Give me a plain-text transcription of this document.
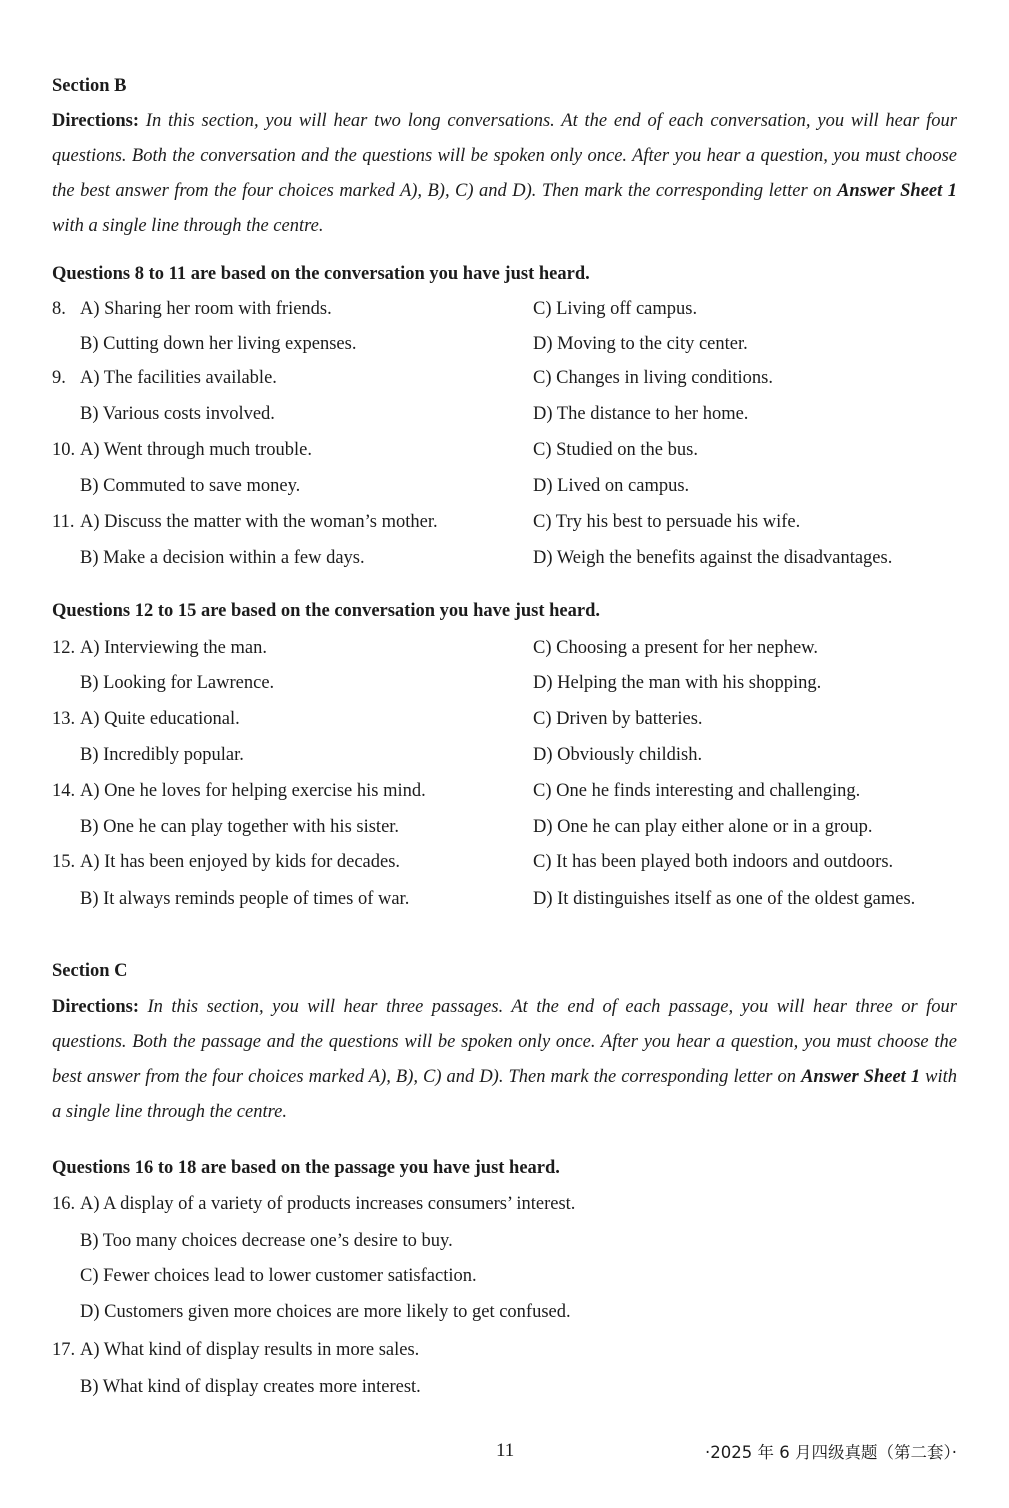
Section B
Directions: In this section, you will hear two long conversations. At the end of each conversation, you will hear four questions. Both the conversation and the questions will be spoken only once. After you hear a question, you must choose the best answer from the four choices marked A), B), C) and D). Then mark the corresponding letter on Answer Sheet 1 with a single line through the centre.
Questions 8 to 11 are based on the conversation you have just heard.
8. A) Sharing her room with friends.	C) Living off campus.
B) Cutting down her living expenses.	D) Moving to the city center.
9. A) The facilities available.	C) Changes in living conditions.
B) Various costs involved.	D) The distance to her home.
10. A) Went through much trouble.	C) Studied on the bus.
B) Commuted to save money.	D) Lived on campus.
11. A) Discuss the matter with the woman’s mother.	C) Try his best to persuade his wife.
B) Make a decision within a few days.	D) Weigh the benefits against the disadvantages.
Questions 12 to 15 are based on the conversation you have just heard.
12. A) Interviewing the man.	C) Choosing a present for her nephew.
B) Looking for Lawrence.	D) Helping the man with his shopping.
13. A) Quite educational.	C) Driven by batteries.
B) Incredibly popular.	D) Obviously childish.
14. A) One he loves for helping exercise his mind.	C) One he finds interesting and challenging.
B) One he can play together with his sister.	D) One he can play either alone or in a group.
15. A) It has been enjoyed by kids for decades.	C) It has been played both indoors and outdoors.
B) It always reminds people of times of war.	D) It distinguishes itself as one of the oldest games.
Section C
Directions: In this section, you will hear three passages. At the end of each passage, you will hear three or four questions. Both the passage and the questions will be spoken only once. After you hear a question, you must choose the best answer from the four choices marked A), B), C) and D). Then mark the corresponding letter on Answer Sheet 1 with a single line through the centre.
Questions 16 to 18 are based on the passage you have just heard.
16. A) A display of a variety of products increases consumers’ interest.
B) Too many choices decrease one’s desire to buy.
C) Fewer choices lead to lower customer satisfaction.
D) Customers given more choices are more likely to get confused.
17. A) What kind of display results in more sales.
B) What kind of display creates more interest.
11	·2025 年 6 月四级真题（第二套）·
